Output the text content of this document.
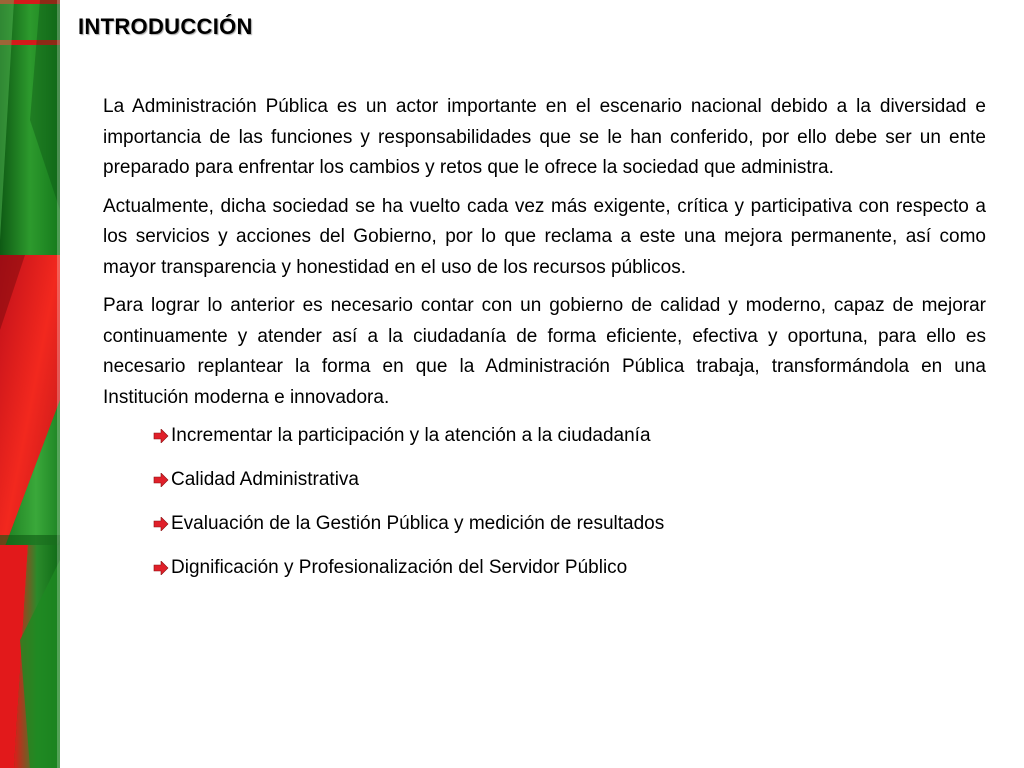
INTRODUCCIÓN

La Administración Pública es un actor importante en el escenario nacional debido a la diversidad e importancia de las funciones y responsabilidades que se le han conferido, por ello debe ser un ente preparado para enfrentar los cambios y retos que le ofrece la sociedad que administra.

Actualmente, dicha sociedad se ha vuelto cada vez más exigente, crítica y participativa con respecto a los servicios y acciones del Gobierno, por lo que reclama a este una mejora permanente, así como mayor transparencia y honestidad en el uso de los recursos públicos.

Para lograr lo anterior es necesario contar con un gobierno de calidad y moderno, capaz de mejorar continuamente y atender así a la ciudadanía de forma eficiente, efectiva y oportuna, para ello es necesario replantear la forma en que la Administración Pública trabaja, transformándola en una Institución moderna e innovadora.

Incrementar la participación y la atención a la ciudadanía
Calidad Administrativa
Evaluación de la Gestión Pública y medición de resultados
Dignificación y Profesionalización del Servidor Público
